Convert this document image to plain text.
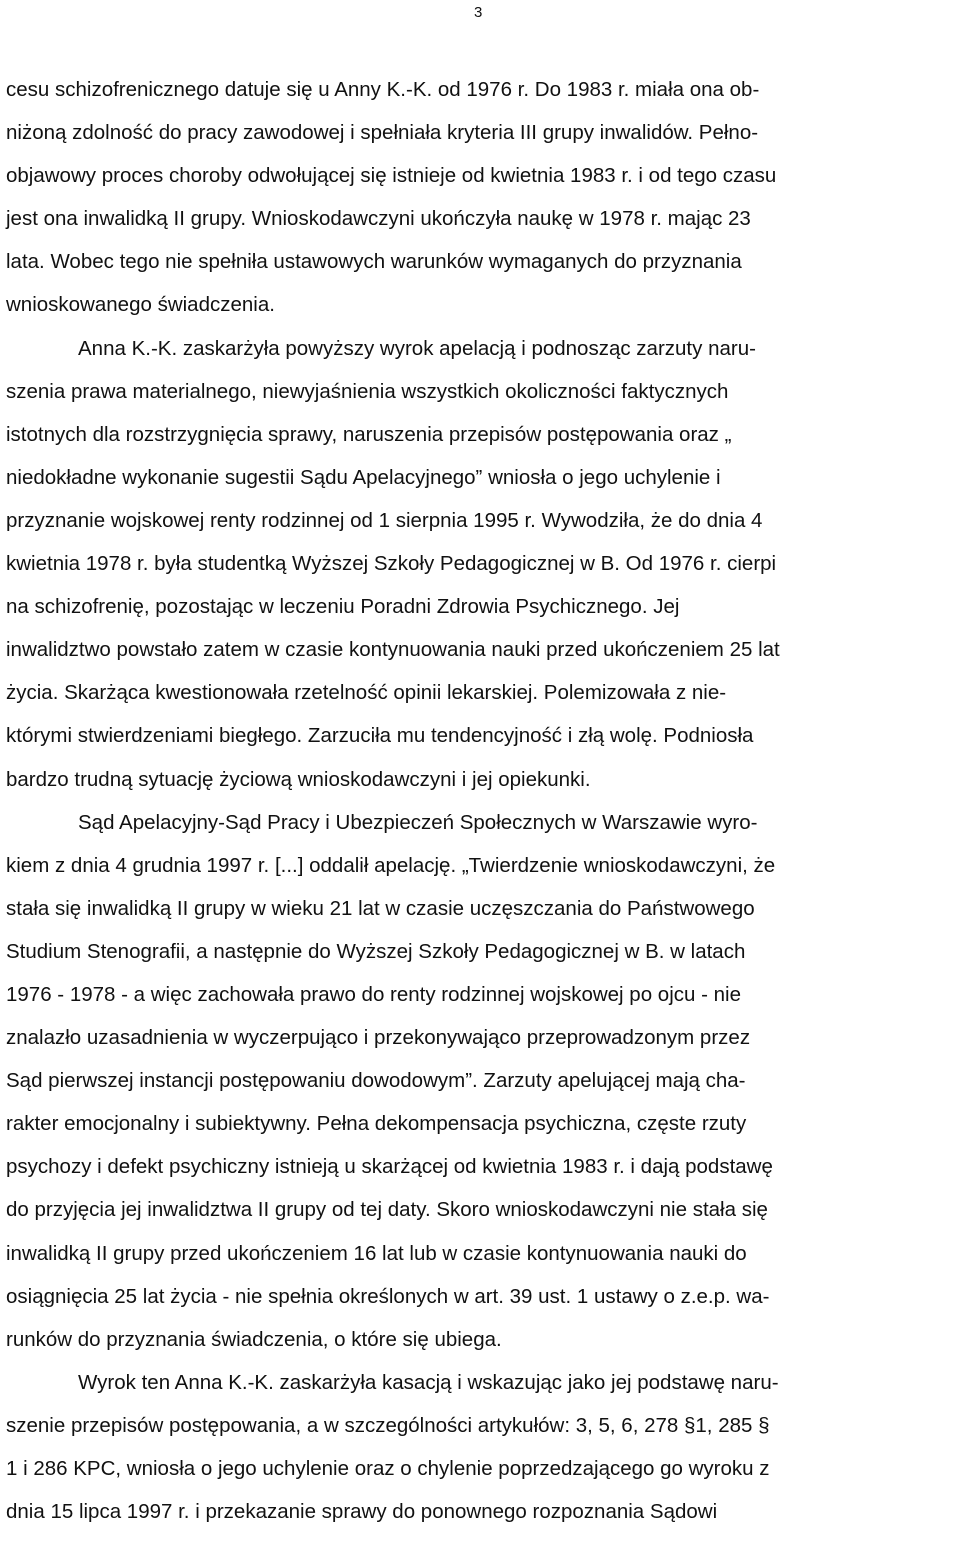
3
cesu schizofrenicznego datuje się u Anny K.-K. od 1976 r. Do 1983 r. miała ona ob-
niżoną zdolność do pracy zawodowej i spełniała kryteria III grupy inwalidów. Pełno-
objawowy proces choroby odwołującej się istnieje od kwietnia 1983 r. i od tego czasu
jest ona inwalidką II grupy. Wnioskodawczyni ukończyła naukę w 1978 r. mając 23
lata. Wobec tego nie spełniła ustawowych warunków wymaganych do przyznania
wnioskowanego świadczenia.
Anna K.-K. zaskarżyła powyższy wyrok apelacją i podnosząc zarzuty naru-
szenia prawa materialnego, niewyjaśnienia wszystkich okoliczności faktycznych
istotnych dla rozstrzygnięcia sprawy, naruszenia przepisów postępowania oraz „
niedokładne wykonanie sugestii Sądu Apelacyjnego” wniosła o jego uchylenie i
przyznanie wojskowej renty rodzinnej od 1 sierpnia 1995 r. Wywodziła, że do dnia 4
kwietnia 1978 r. była studentką Wyższej Szkoły Pedagogicznej w B. Od 1976 r. cierpi
na schizofrenię, pozostając w leczeniu Poradni Zdrowia Psychicznego. Jej
inwalidztwo powstało zatem w czasie kontynuowania nauki przed ukończeniem 25 lat
życia. Skarżąca kwestionowała rzetelność opinii lekarskiej. Polemizowała z nie-
którymi stwierdzeniami biegłego. Zarzuciła mu tendencyjność i złą wolę. Podniosła
bardzo trudną sytuację życiową wnioskodawczyni i jej opiekunki.
Sąd Apelacyjny-Sąd Pracy i Ubezpieczeń Społecznych w Warszawie wyro-
kiem z dnia 4 grudnia 1997 r. [...] oddalił apelację. „Twierdzenie wnioskodawczyni, że
stała się inwalidką II grupy w wieku 21 lat w czasie uczęszczania do Państwowego
Studium Stenografii, a następnie do Wyższej Szkoły Pedagogicznej w B. w latach
1976 - 1978 - a więc zachowała prawo do renty rodzinnej wojskowej po ojcu - nie
znalazło uzasadnienia w wyczerpująco i przekonywająco przeprowadzonym przez
Sąd pierwszej instancji postępowaniu dowodowym”. Zarzuty apelującej mają cha-
rakter emocjonalny i subiektywny. Pełna dekompensacja psychiczna, częste rzuty
psychozy i defekt psychiczny istnieją u skarżącej od kwietnia 1983 r. i dają podstawę
do przyjęcia jej inwalidztwa II grupy od tej daty. Skoro wnioskodawczyni nie stała się
inwalidką II grupy przed ukończeniem 16 lat lub w czasie kontynuowania nauki do
osiągnięcia 25 lat życia - nie spełnia określonych w art. 39 ust. 1 ustawy o z.e.p. wa-
runków do przyznania świadczenia, o które się ubiega.
Wyrok ten Anna K.-K. zaskarżyła kasacją i wskazując jako jej podstawę naru-
szenie przepisów postępowania, a w szczególności artykułów: 3, 5, 6, 278 §1, 285 §
1 i 286 KPC, wniosła o jego uchylenie oraz o chylenie poprzedzającego go wyroku z
dnia 15 lipca 1997 r. i przekazanie sprawy do ponownego rozpoznania Sądowi
